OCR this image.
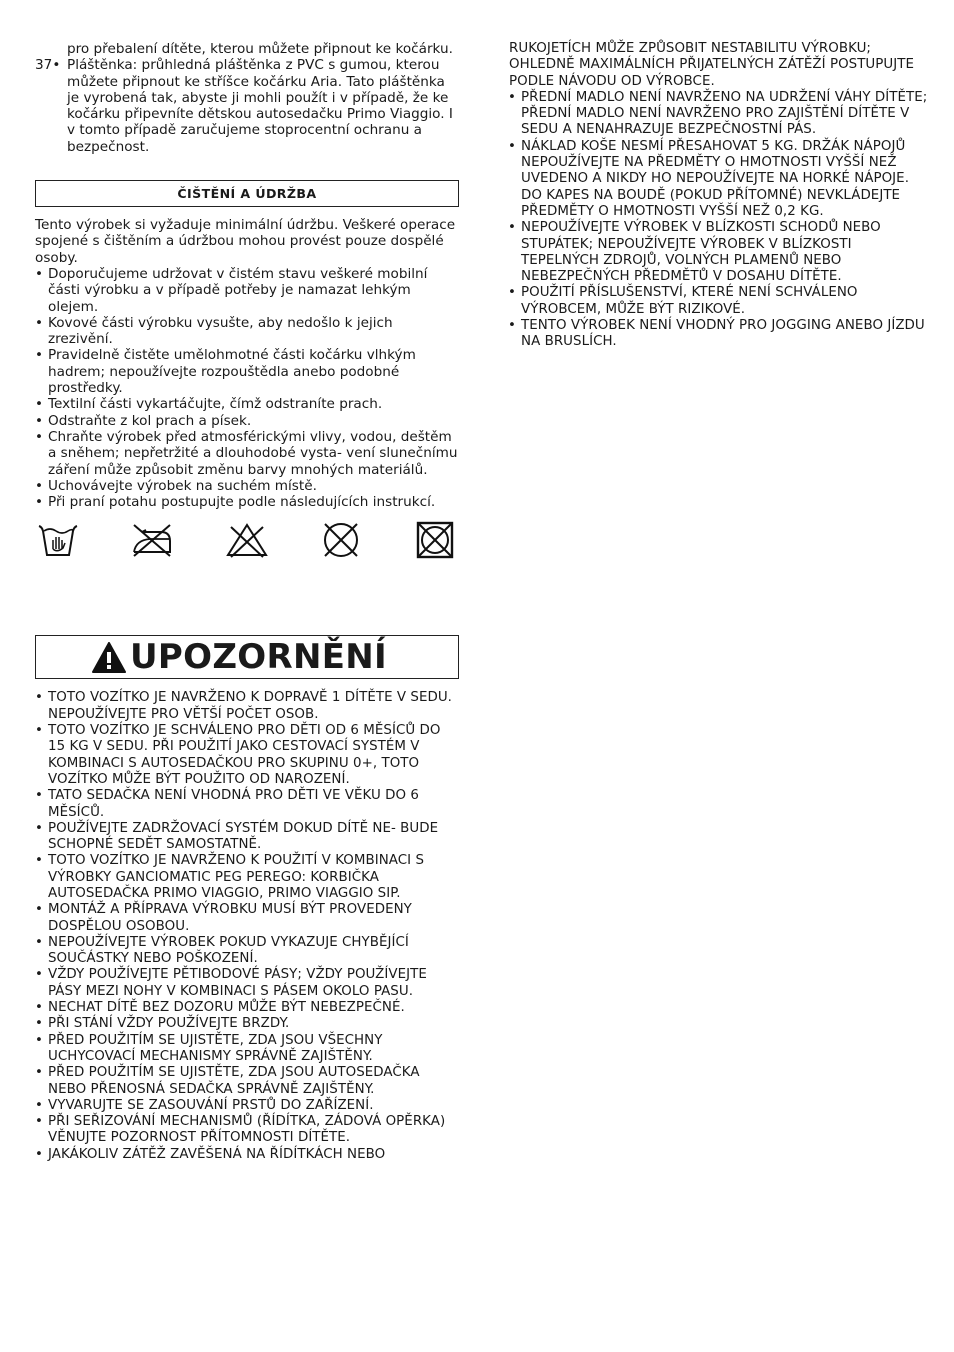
pro přebalení dítěte, kterou můžete připnout ke kočárku.

37• Pláštěnka: průhledná pláštěnka z PVC s gumou, kterou můžete připnout ke stříšce kočárku Aria. Tato pláštěnka je vyrobená tak, abyste ji mohli použít i v případě, že ke kočárku připevníte dětskou autosedačku Primo Viaggio. I v tomto případě zaručujeme stoprocentní ochranu a bezpečnost.
ČIŠTĚNÍ A ÚDRŽBA

Tento výrobek si vyžaduje minimální údržbu. Veškeré operace spojené s čištěním a údržbou mohou provést pouze dospělé osoby.

• Doporučujeme udržovat v čistém stavu veškeré mobilní části výrobku a v případě potřeby je namazat lehkým olejem.
• Kovové části výrobku vysušte, aby nedošlo k jejich zrezivění.
• Pravidelně čistěte umělohmotné části kočárku vlhkým hadrem; nepoužívejte rozpouštědla anebo podobné prostředky.
• Textilní části vykartáčujte, čímž odstraníte prach.
• Odstraňte z kol prach a písek.
• Chraňte výrobek před atmosférickými vlivy, vodou, deštěm a sněhem; nepřetržité a dlouhodobé vysta- vení slunečnímu záření může způsobit změnu barvy mnohých materiálů.
• Uchovávejte výrobek na suchém místě.
• Při praní potahu postupujte podle následujících instrukcí.
UPOZORNĚNÍ
• TOTO VOZÍTKO JE NAVRŽENO K DOPRAVĚ 1 DÍTĚTE V SEDU.
NEPOUŽÍVEJTE PRO VĚTŠÍ POČET OSOB.
• TOTO VOZÍTKO JE SCHVÁLENO PRO DĚTI OD 6 MĚSÍCŮ DO 15 KG V SEDU. PŘI POUŽITÍ JAKO CESTOVACÍ SYSTÉM V KOMBINACI S AUTOSEDAČKOU PRO SKUPINU 0+, TOTO VOZÍTKO MŮŽE BÝT POUŽITO OD NAROZENÍ.
• TATO SEDAČKA NENÍ VHODNÁ PRO DĚTI VE VĚKU DO 6 MĚSÍCŮ.
• POUŽÍVEJTE ZADRŽOVACÍ SYSTÉM DOKUD DÍTĚ NE- BUDE SCHOPNÉ SEDĚT SAMOSTATNĚ.
• TOTO VOZÍTKO JE NAVRŽENO K POUŽITÍ V KOMBINACI S VÝROBKY GANCIOMATIC PEG PEREGO: KORBIČKA AUTOSEDAČKA PRIMO VIAGGIO, PRIMO VIAGGIO SIP.
• MONTÁŽ A PŘÍPRAVA VÝROBKU MUSÍ BÝT PROVEDENY DOSPĚLOU OSOBOU.
• NEPOUŽÍVEJTE VÝROBEK POKUD VYKAZUJE CHYBĚJÍCÍ SOUČÁSTKY NEBO POŠKOZENÍ.
• VŽDY POUŽÍVEJTE PĚTIBODOVÉ PÁSY; VŽDY POUŽÍVEJTE PÁSY MEZI NOHY V KOMBINACI S PÁSEM OKOLO PASU.
• NECHAT DÍTĚ BEZ DOZORU MŮŽE BÝT NEBEZPEČNÉ.
• PŘI STÁNÍ VŽDY POUŽÍVEJTE BRZDY.
• PŘED POUŽITÍM SE UJISTĚTE, ZDA JSOU VŠECHNY UCHYCOVACÍ MECHANISMY SPRÁVNĚ ZAJIŠTĚNY.
• PŘED POUŽITÍM SE UJISTĚTE, ZDA JSOU AUTOSEDAČKA NEBO PŘENOSNÁ SEDAČKA SPRÁVNĚ ZAJIŠTĚNY.
• VYVARUJTE SE ZASOUVÁNÍ PRSTŮ DO ZAŘÍZENÍ.
• PŘI SEŘIZOVÁNÍ MECHANISMŮ (ŘÍDÍTKA, ZÁDOVÁ OPĚRKA) VĚNUJTE POZORNOST PŘÍTOMNOSTI DÍTĚTE.
• JAKÁKOLIV ZÁTĚŽ ZAVĚŠENÁ NA ŘÍDÍTKÁCH NEBO

RUKOJETÍCH MŮŽE ZPŮSOBIT NESTABILITU VÝROBKU; OHLEDNĚ MAXIMÁLNÍCH PŘIJATELNÝCH ZÁTĚŽÍ POSTUPUJTE PODLE NÁVODU OD VÝROBCE.

• PŘEDNÍ MADLO NENÍ NAVRŽENO NA UDRŽENÍ VÁHY DÍTĚTE; PŘEDNÍ MADLO NENÍ NAVRŽENO PRO ZAJIŠTĚNÍ DÍTĚTE V SEDU A NENAHRAZUJE BEZPEČNOSTNÍ PÁS.
• NÁKLAD KOŠE NESMÍ PŘESAHOVAT 5 KG. DRŽÁK NÁPOJŮ NEPOUŽÍVEJTE NA PŘEDMĚTY O HMOTNOSTI VYŠŠÍ NEŽ UVEDENO A NIKDY HO NEPOUŽÍVEJTE NA HORKÉ NÁPOJE. DO KAPES NA BOUDĚ (POKUD PŘÍTOMNÉ) NEVKLÁDEJTE PŘEDMĚTY O HMOTNOSTI VYŠŠÍ NEŽ 0,2 KG.
• NEPOUŽÍVEJTE VÝROBEK V BLÍZKOSTI SCHODŮ NEBO STUPÁTEK; NEPOUŽÍVEJTE VÝROBEK V BLÍZKOSTI TEPELNÝCH ZDROJŮ, VOLNÝCH PLAMENŮ NEBO NEBEZPEČNÝCH PŘEDMĚTŮ V DOSAHU DÍTĚTE.
• POUŽITÍ PŘÍSLUŠENSTVÍ, KTERÉ NENÍ SCHVÁLENO VÝROBCEM, MŮŽE BÝT RIZIKOVÉ.
• TENTO VÝROBEK NENÍ VHODNÝ PRO JOGGING ANEBO JÍZDU NA BRUSLÍCH.
